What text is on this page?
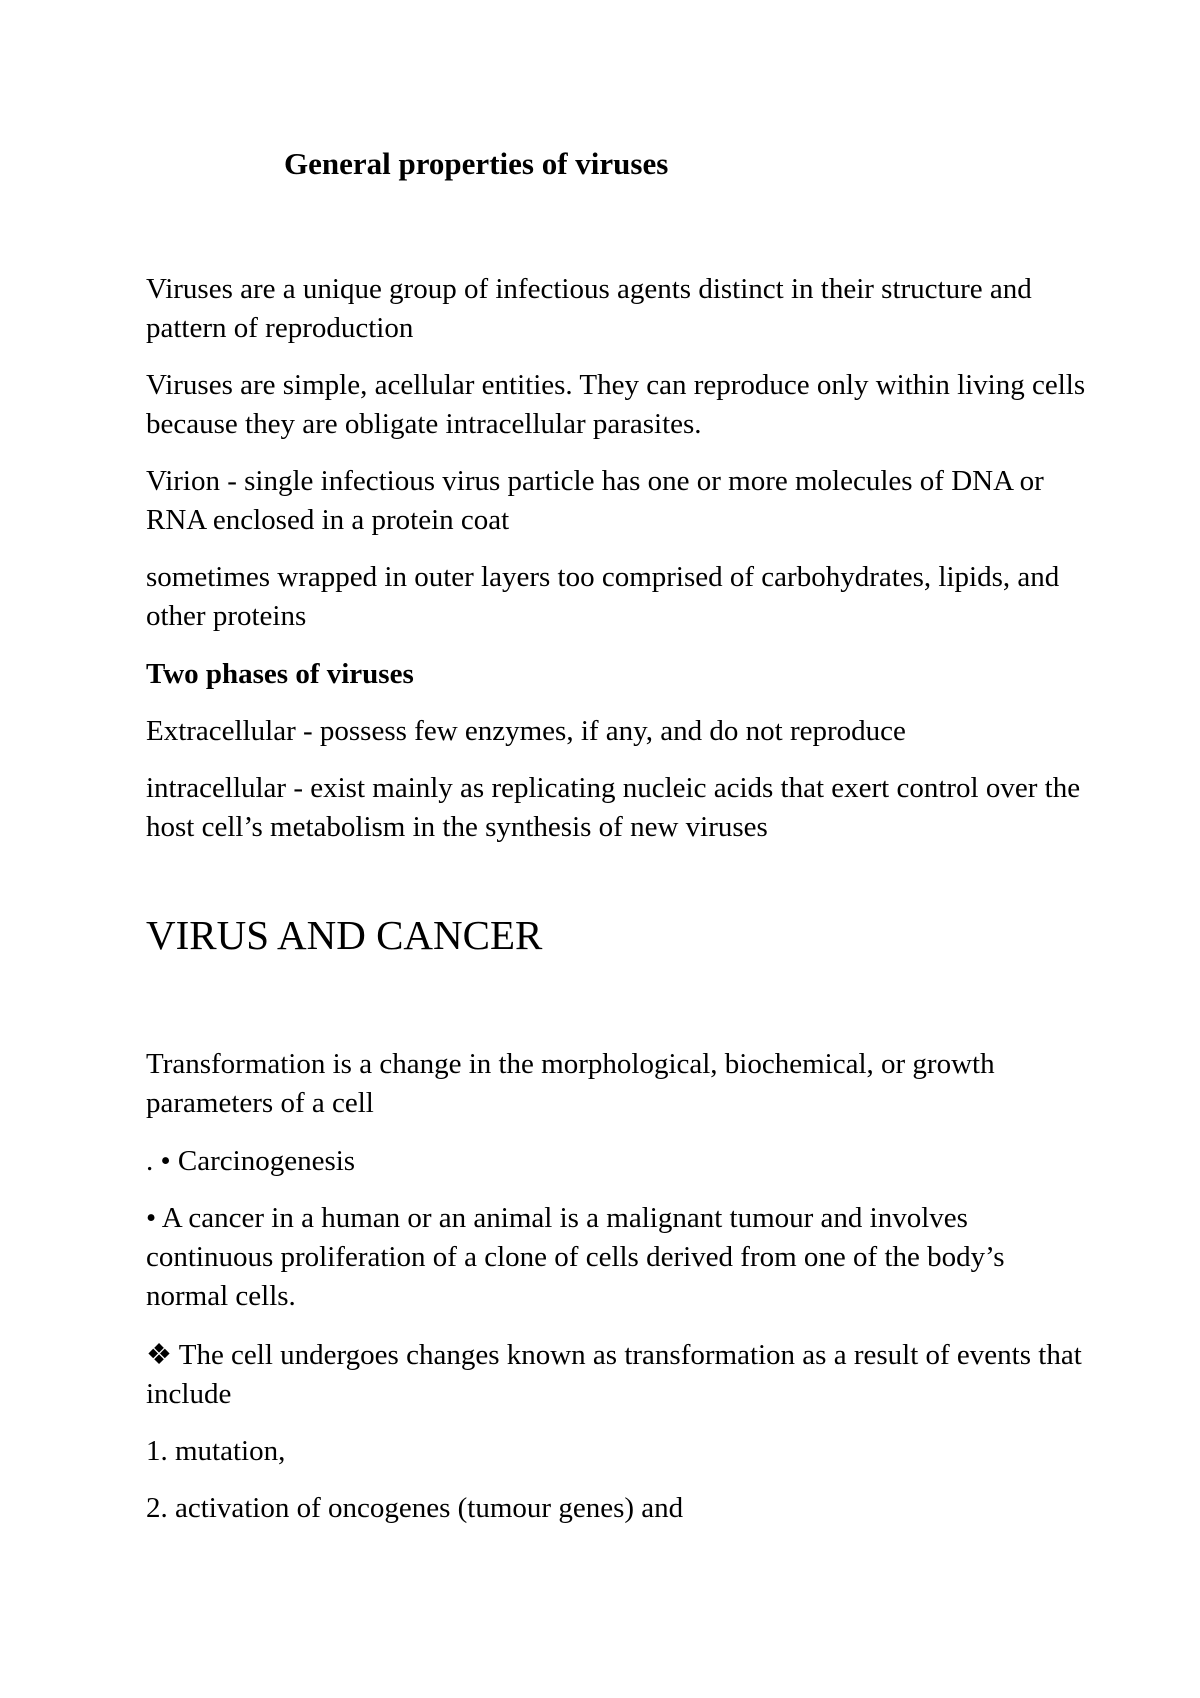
General properties of viruses

Viruses are a unique group of infectious agents distinct in their structure and pattern of reproduction

Viruses are simple, acellular entities. They can reproduce only within living cells because they are obligate intracellular parasites.

Virion - single infectious virus particle has one or more molecules of DNA or RNA enclosed in a protein coat

sometimes wrapped in outer layers too comprised of carbohydrates, lipids, and other proteins

Two phases of viruses

Extracellular - possess few enzymes, if any, and do not reproduce

intracellular - exist mainly as replicating nucleic acids that exert control over the host cell’s metabolism in the synthesis of new viruses

VIRUS AND CANCER

Transformation is a change in the morphological, biochemical, or growth parameters of a cell

. • Carcinogenesis

• A cancer in a human or an animal is a malignant tumour and involves continuous proliferation of a clone of cells derived from one of the body’s normal cells.

❖ The cell undergoes changes known as transformation as a result of events that include

1. mutation,

2. activation of oncogenes (tumour genes) and
